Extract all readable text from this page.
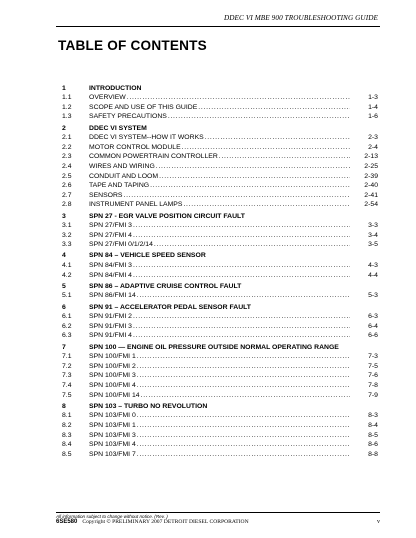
DDEC VI MBE 900 TROUBLESHOOTING GUIDE
TABLE OF CONTENTS
1	INTRODUCTION
1.1	OVERVIEW . . .	1-3
1.2	SCOPE AND USE OF THIS GUIDE . . .	1-4
1.3	SAFETY PRECAUTIONS . . .	1-6
2	DDEC VI SYSTEM
2.1	DDEC VI SYSTEM--HOW IT WORKS . . .	2-3
2.2	MOTOR CONTROL MODULE . . .	2-4
2.3	COMMON POWERTRAIN CONTROLLER . . .	2-13
2.4	WIRES AND WIRING . . .	2-25
2.5	CONDUIT AND LOOM . . .	2-39
2.6	TAPE AND TAPING . . .	2-40
2.7	SENSORS . . .	2-41
2.8	INSTRUMENT PANEL LAMPS . . .	2-54
3	SPN 27 - EGR VALVE POSITION CIRCUIT FAULT
3.1	SPN 27/FMI 3 . . .	3-3
3.2	SPN 27/FMI 4 . . .	3-4
3.3	SPN 27/FMI 0/1/2/14 . . .	3-5
4	SPN 84 – VEHICLE SPEED SENSOR
4.1	SPN 84/FMI 3 . . .	4-3
4.2	SPN 84/FMI 4 . . .	4-4
5	SPN 86 – ADAPTIVE CRUISE CONTROL FAULT
5.1	SPN 86/FMI 14 . . .	5-3
6	SPN 91 – ACCELERATOR PEDAL SENSOR FAULT
6.1	SPN 91/FMI 2 . . .	6-3
6.2	SPN 91/FMI 3 . . .	6-4
6.3	SPN 91/FMI 4 . . .	6-6
7	SPN 100 — ENGINE OIL PRESSURE OUTSIDE NORMAL OPERATING RANGE
7.1	SPN 100/FMI 1 . . .	7-3
7.2	SPN 100/FMI 2 . . .	7-5
7.3	SPN 100/FMI 3 . . .	7-6
7.4	SPN 100/FMI 4 . . .	7-8
7.5	SPN 100/FMI 14 . . .	7-9
8	SPN 103 – TURBO NO REVOLUTION
8.1	SPN 103/FMI 0 . . .	8-3
8.2	SPN 103/FMI 1 . . .	8-4
8.3	SPN 103/FMI 3 . . .	8-5
8.4	SPN 103/FMI 4 . . .	8-6
8.5	SPN 103/FMI 7 . . .	8-8
All information subject to change without notice. (Rev. )
6SE580 Copyright © PRELIMINARY 2007 DETROIT DIESEL CORPORATION	v
